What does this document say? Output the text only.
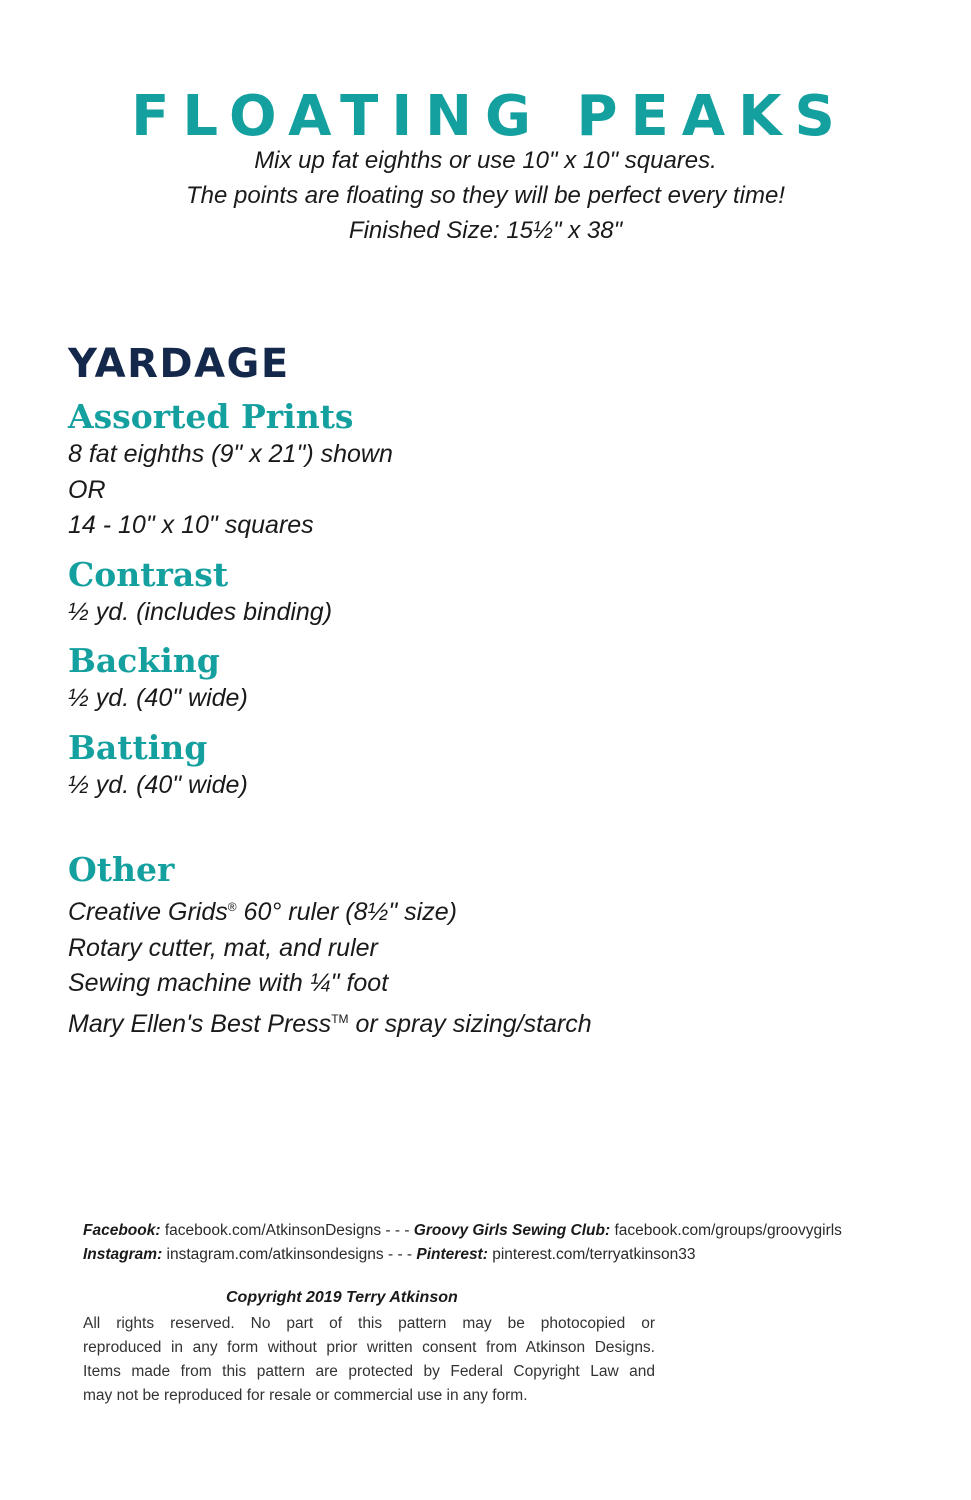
FLOATING PEAKS
Mix up fat eighths or use 10" x 10" squares.
The points are floating so they will be perfect every time!
Finished Size: 15½" x 38"
YARDAGE
Assorted Prints
8 fat eighths (9" x 21") shown
OR
14 - 10" x 10" squares
Contrast
½ yd. (includes binding)
Backing
½ yd. (40" wide)
Batting
½ yd. (40" wide)
Other
Creative Grids® 60° ruler (8½" size)
Rotary cutter, mat, and ruler
Sewing machine with ¼" foot
Mary Ellen's Best Press™ or spray sizing/starch
Facebook: facebook.com/AtkinsonDesigns - - - Groovy Girls Sewing Club: facebook.com/groups/groovygirls
Instagram: instagram.com/atkinsondesigns - - - Pinterest: pinterest.com/terryatkinson33
Copyright 2019 Terry Atkinson
All rights reserved. No part of this pattern may be photocopied or
reproduced in any form without prior written consent from Atkinson Designs.
Items made from this pattern are protected by Federal Copyright Law and
may not be reproduced for resale or commercial use in any form.
